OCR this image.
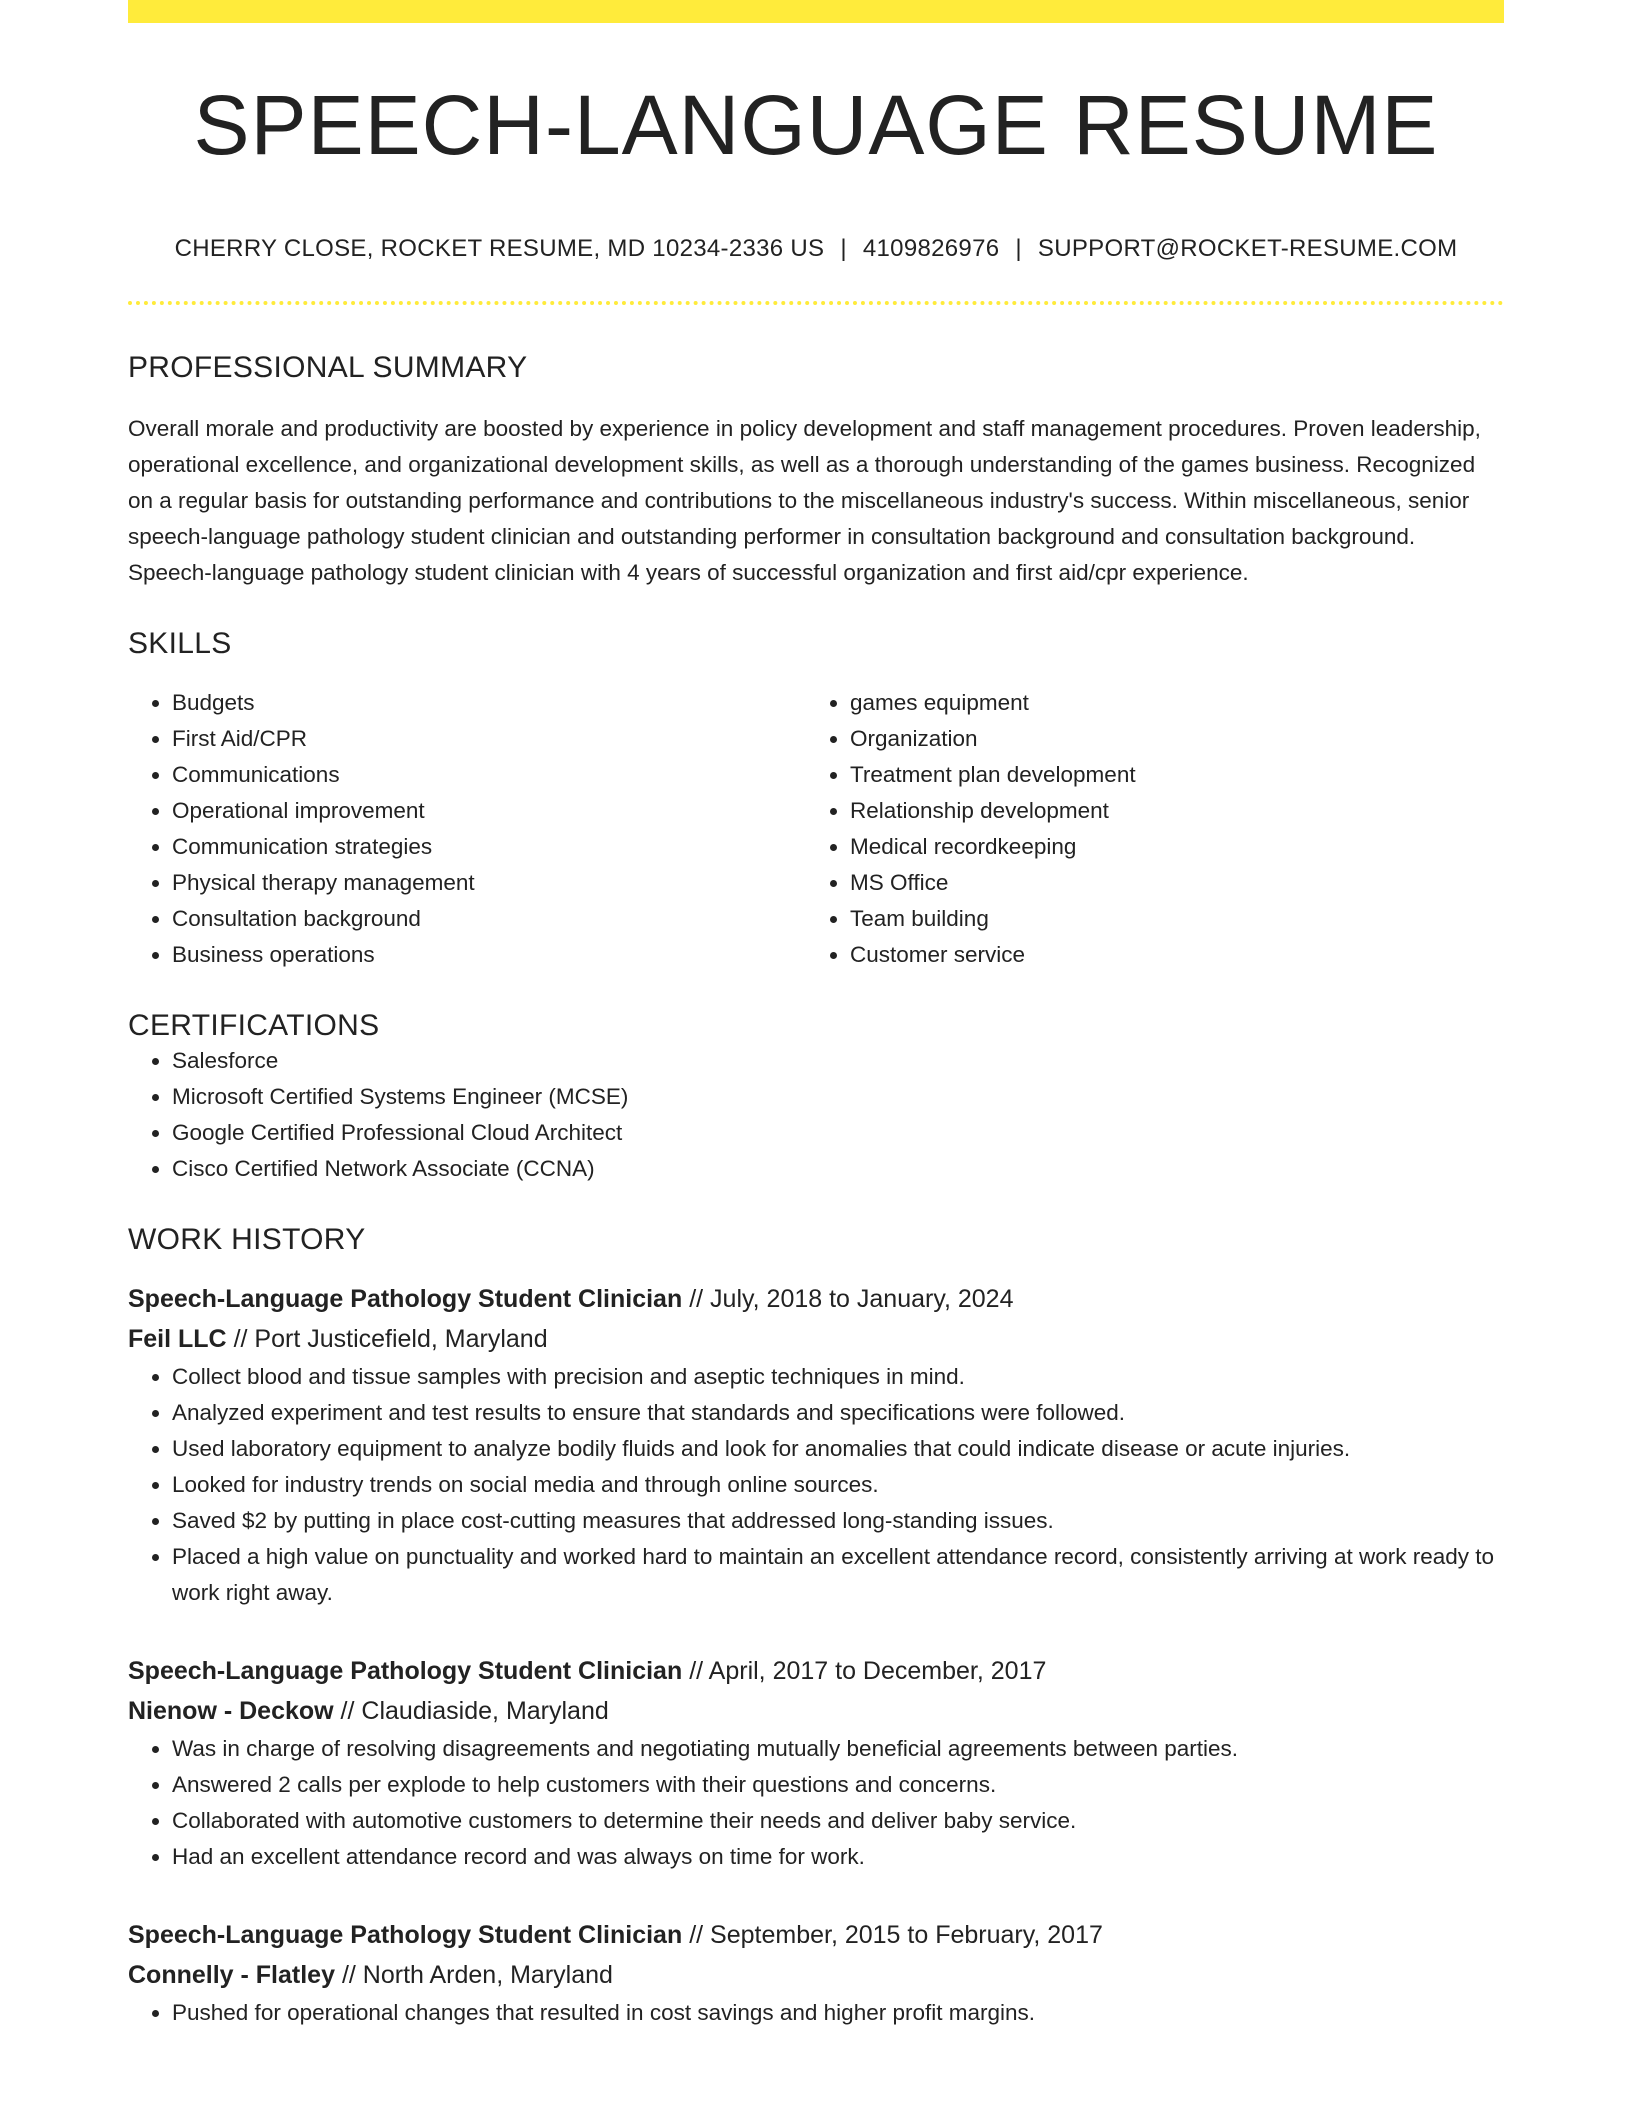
SPEECH-LANGUAGE RESUME
CHERRY CLOSE, ROCKET RESUME, MD 10234-2336 US | 4109826976 | SUPPORT@ROCKET-RESUME.COM
PROFESSIONAL SUMMARY

Overall morale and productivity are boosted by experience in policy development and staff management procedures. Proven leadership, operational excellence, and organizational development skills, as well as a thorough understanding of the games business. Recognized on a regular basis for outstanding performance and contributions to the miscellaneous industry's success. Within miscellaneous, senior speech-language pathology student clinician and outstanding performer in consultation background and consultation background. Speech-language pathology student clinician with 4 years of successful organization and first aid/cpr experience.

SKILLS
• Budgets
• First Aid/CPR
• Communications
• Operational improvement
• Communication strategies
• Physical therapy management
• Consultation background
• Business operations
• games equipment
• Organization
• Treatment plan development
• Relationship development
• Medical recordkeeping
• MS Office
• Team building
• Customer service
CERTIFICATIONS
• Salesforce
• Microsoft Certified Systems Engineer (MCSE)
• Google Certified Professional Cloud Architect
• Cisco Certified Network Associate (CCNA)
WORK HISTORY
Speech-Language Pathology Student Clinician // July, 2018 to January, 2024
Feil LLC // Port Justicefield, Maryland
• Collect blood and tissue samples with precision and aseptic techniques in mind.
• Analyzed experiment and test results to ensure that standards and specifications were followed.
• Used laboratory equipment to analyze bodily fluids and look for anomalies that could indicate disease or acute injuries.
• Looked for industry trends on social media and through online sources.
• Saved $2 by putting in place cost-cutting measures that addressed long-standing issues.
• Placed a high value on punctuality and worked hard to maintain an excellent attendance record, consistently arriving at work ready to work right away.
Speech-Language Pathology Student Clinician // April, 2017 to December, 2017
Nienow - Deckow // Claudiaside, Maryland
• Was in charge of resolving disagreements and negotiating mutually beneficial agreements between parties.
• Answered 2 calls per explode to help customers with their questions and concerns.
• Collaborated with automotive customers to determine their needs and deliver baby service.
• Had an excellent attendance record and was always on time for work.
Speech-Language Pathology Student Clinician // September, 2015 to February, 2017
Connelly - Flatley // North Arden, Maryland
• Pushed for operational changes that resulted in cost savings and higher profit margins.
